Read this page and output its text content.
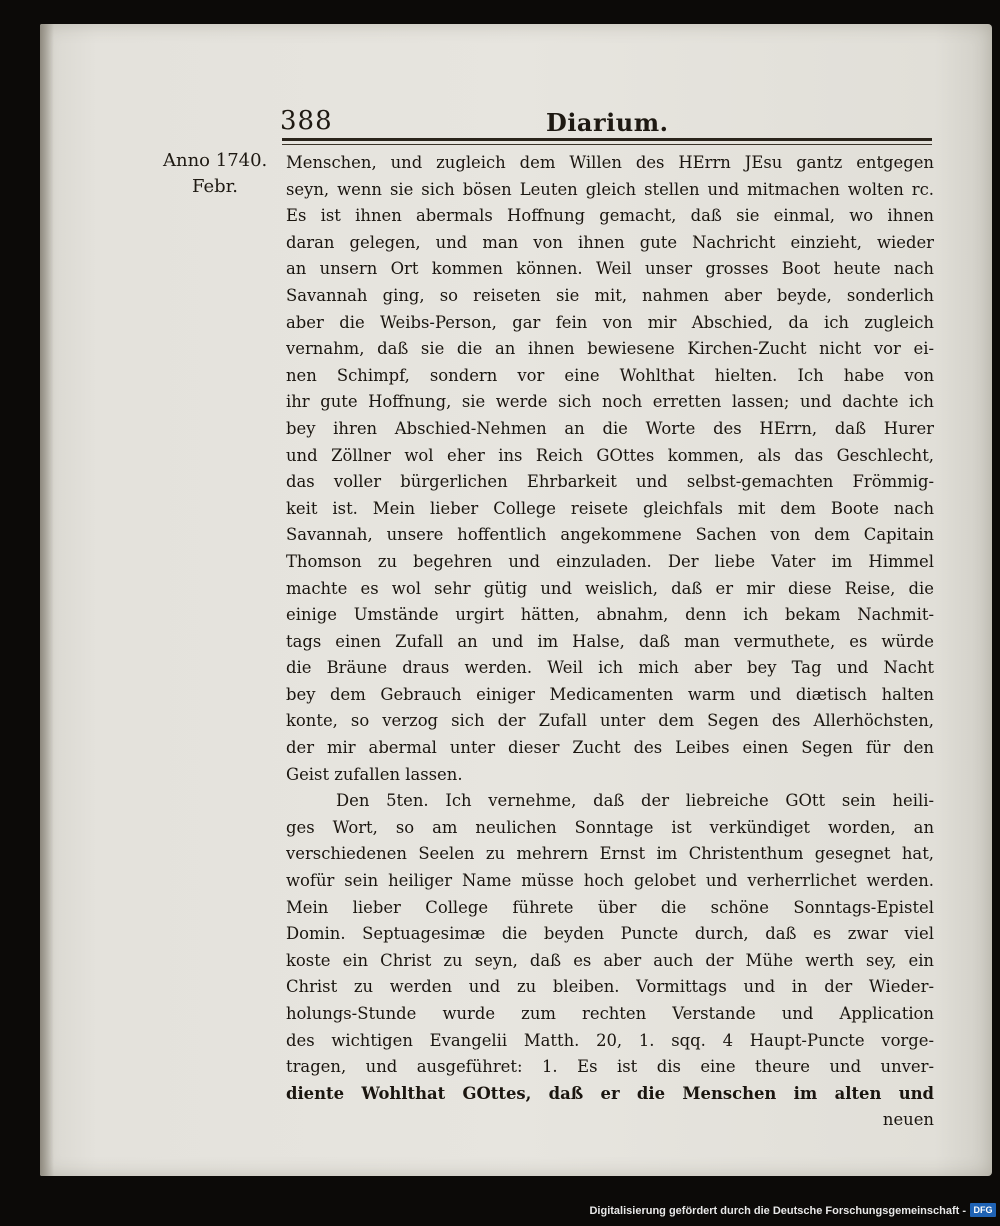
388	Diarium.
Anno 1740.
Febr.
Menschen, und zugleich dem Willen des HErrn JEsu gantz entgegen
seyn, wenn sie sich bösen Leuten gleich stellen und mitmachen wolten rc.
Es ist ihnen abermals Hoffnung gemacht, daß sie einmal, wo ihnen
daran gelegen, und man von ihnen gute Nachricht einzieht, wieder
an unsern Ort kommen können. Weil unser grosses Boot heute nach
Savannah ging, so reiseten sie mit, nahmen aber beyde, sonderlich
aber die Weibs-Person, gar fein von mir Abschied, da ich zugleich
vernahm, daß sie die an ihnen bewiesene Kirchen-Zucht nicht vor ei-
nen Schimpf, sondern vor eine Wohlthat hielten. Ich habe von
ihr gute Hoffnung, sie werde sich noch erretten lassen; und dachte ich
bey ihren Abschied-Nehmen an die Worte des HErrn, daß Hurer
und Zöllner wol eher ins Reich GOttes kommen, als das Geschlecht,
das voller bürgerlichen Ehrbarkeit und selbst-gemachten Frömmig-
keit ist. Mein lieber College reisete gleichfals mit dem Boote nach
Savannah, unsere hoffentlich angekommene Sachen von dem Capitain
Thomson zu begehren und einzuladen. Der liebe Vater im Himmel
machte es wol sehr gütig und weislich, daß er mir diese Reise, die
einige Umstände urgirt hätten, abnahm, denn ich bekam Nachmit-
tags einen Zufall an und im Halse, daß man vermuthete, es würde
die Bräune draus werden. Weil ich mich aber bey Tag und Nacht
bey dem Gebrauch einiger Medicamenten warm und diætisch halten
konte, so verzog sich der Zufall unter dem Segen des Allerhöchsten,
der mir abermal unter dieser Zucht des Leibes einen Segen für den
Geist zufallen lassen.
Den 5ten. Ich vernehme, daß der liebreiche GOtt sein heili-
ges Wort, so am neulichen Sonntage ist verkündiget worden, an
verschiedenen Seelen zu mehrern Ernst im Christenthum gesegnet hat,
wofür sein heiliger Name müsse hoch gelobet und verherrlichet werden.
Mein lieber College führete über die schöne Sonntags-Epistel
Domin. Septuagesimæ die beyden Puncte durch, daß es zwar viel
koste ein Christ zu seyn, daß es aber auch der Mühe werth sey, ein
Christ zu werden und zu bleiben. Vormittags und in der Wieder-
holungs-Stunde wurde zum rechten Verstande und Application
des wichtigen Evangelii Matth. 20, 1. sqq. 4 Haupt-Puncte vorge-
tragen, und ausgeführet: 1. Es ist dis eine theure und unver-
diente Wohlthat GOttes, daß er die Menschen im alten und
neuen
Digitalisierung gefördert durch die Deutsche Forschungsgemeinschaft - DFG
